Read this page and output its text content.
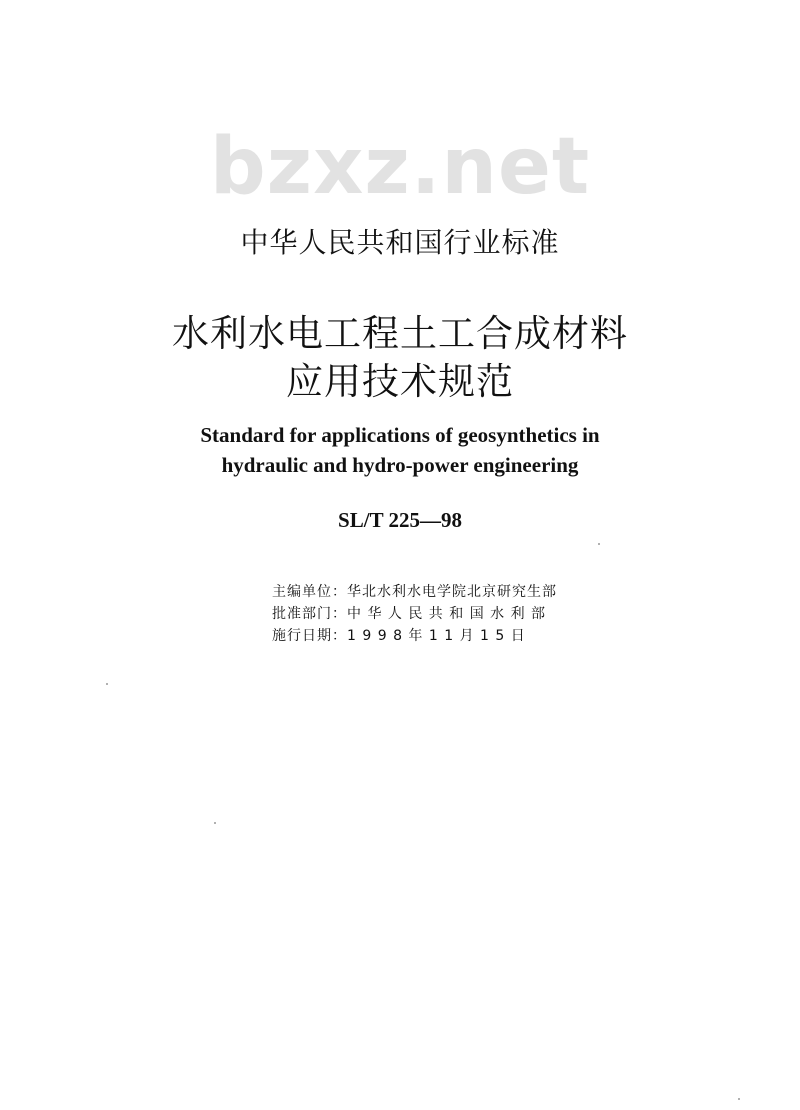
bzxz.net
中华人民共和国行业标准
水利水电工程土工合成材料
应用技术规范
Standard for applications of geosynthetics in
hydraulic and hydro-power engineering
SL/T 225—98
主编单位：华北水利水电学院北京研究生部
批准部门：中 华 人 民 共 和 国 水 利 部
施行日期：1 9 9 8 年 1 1 月 1 5 日
